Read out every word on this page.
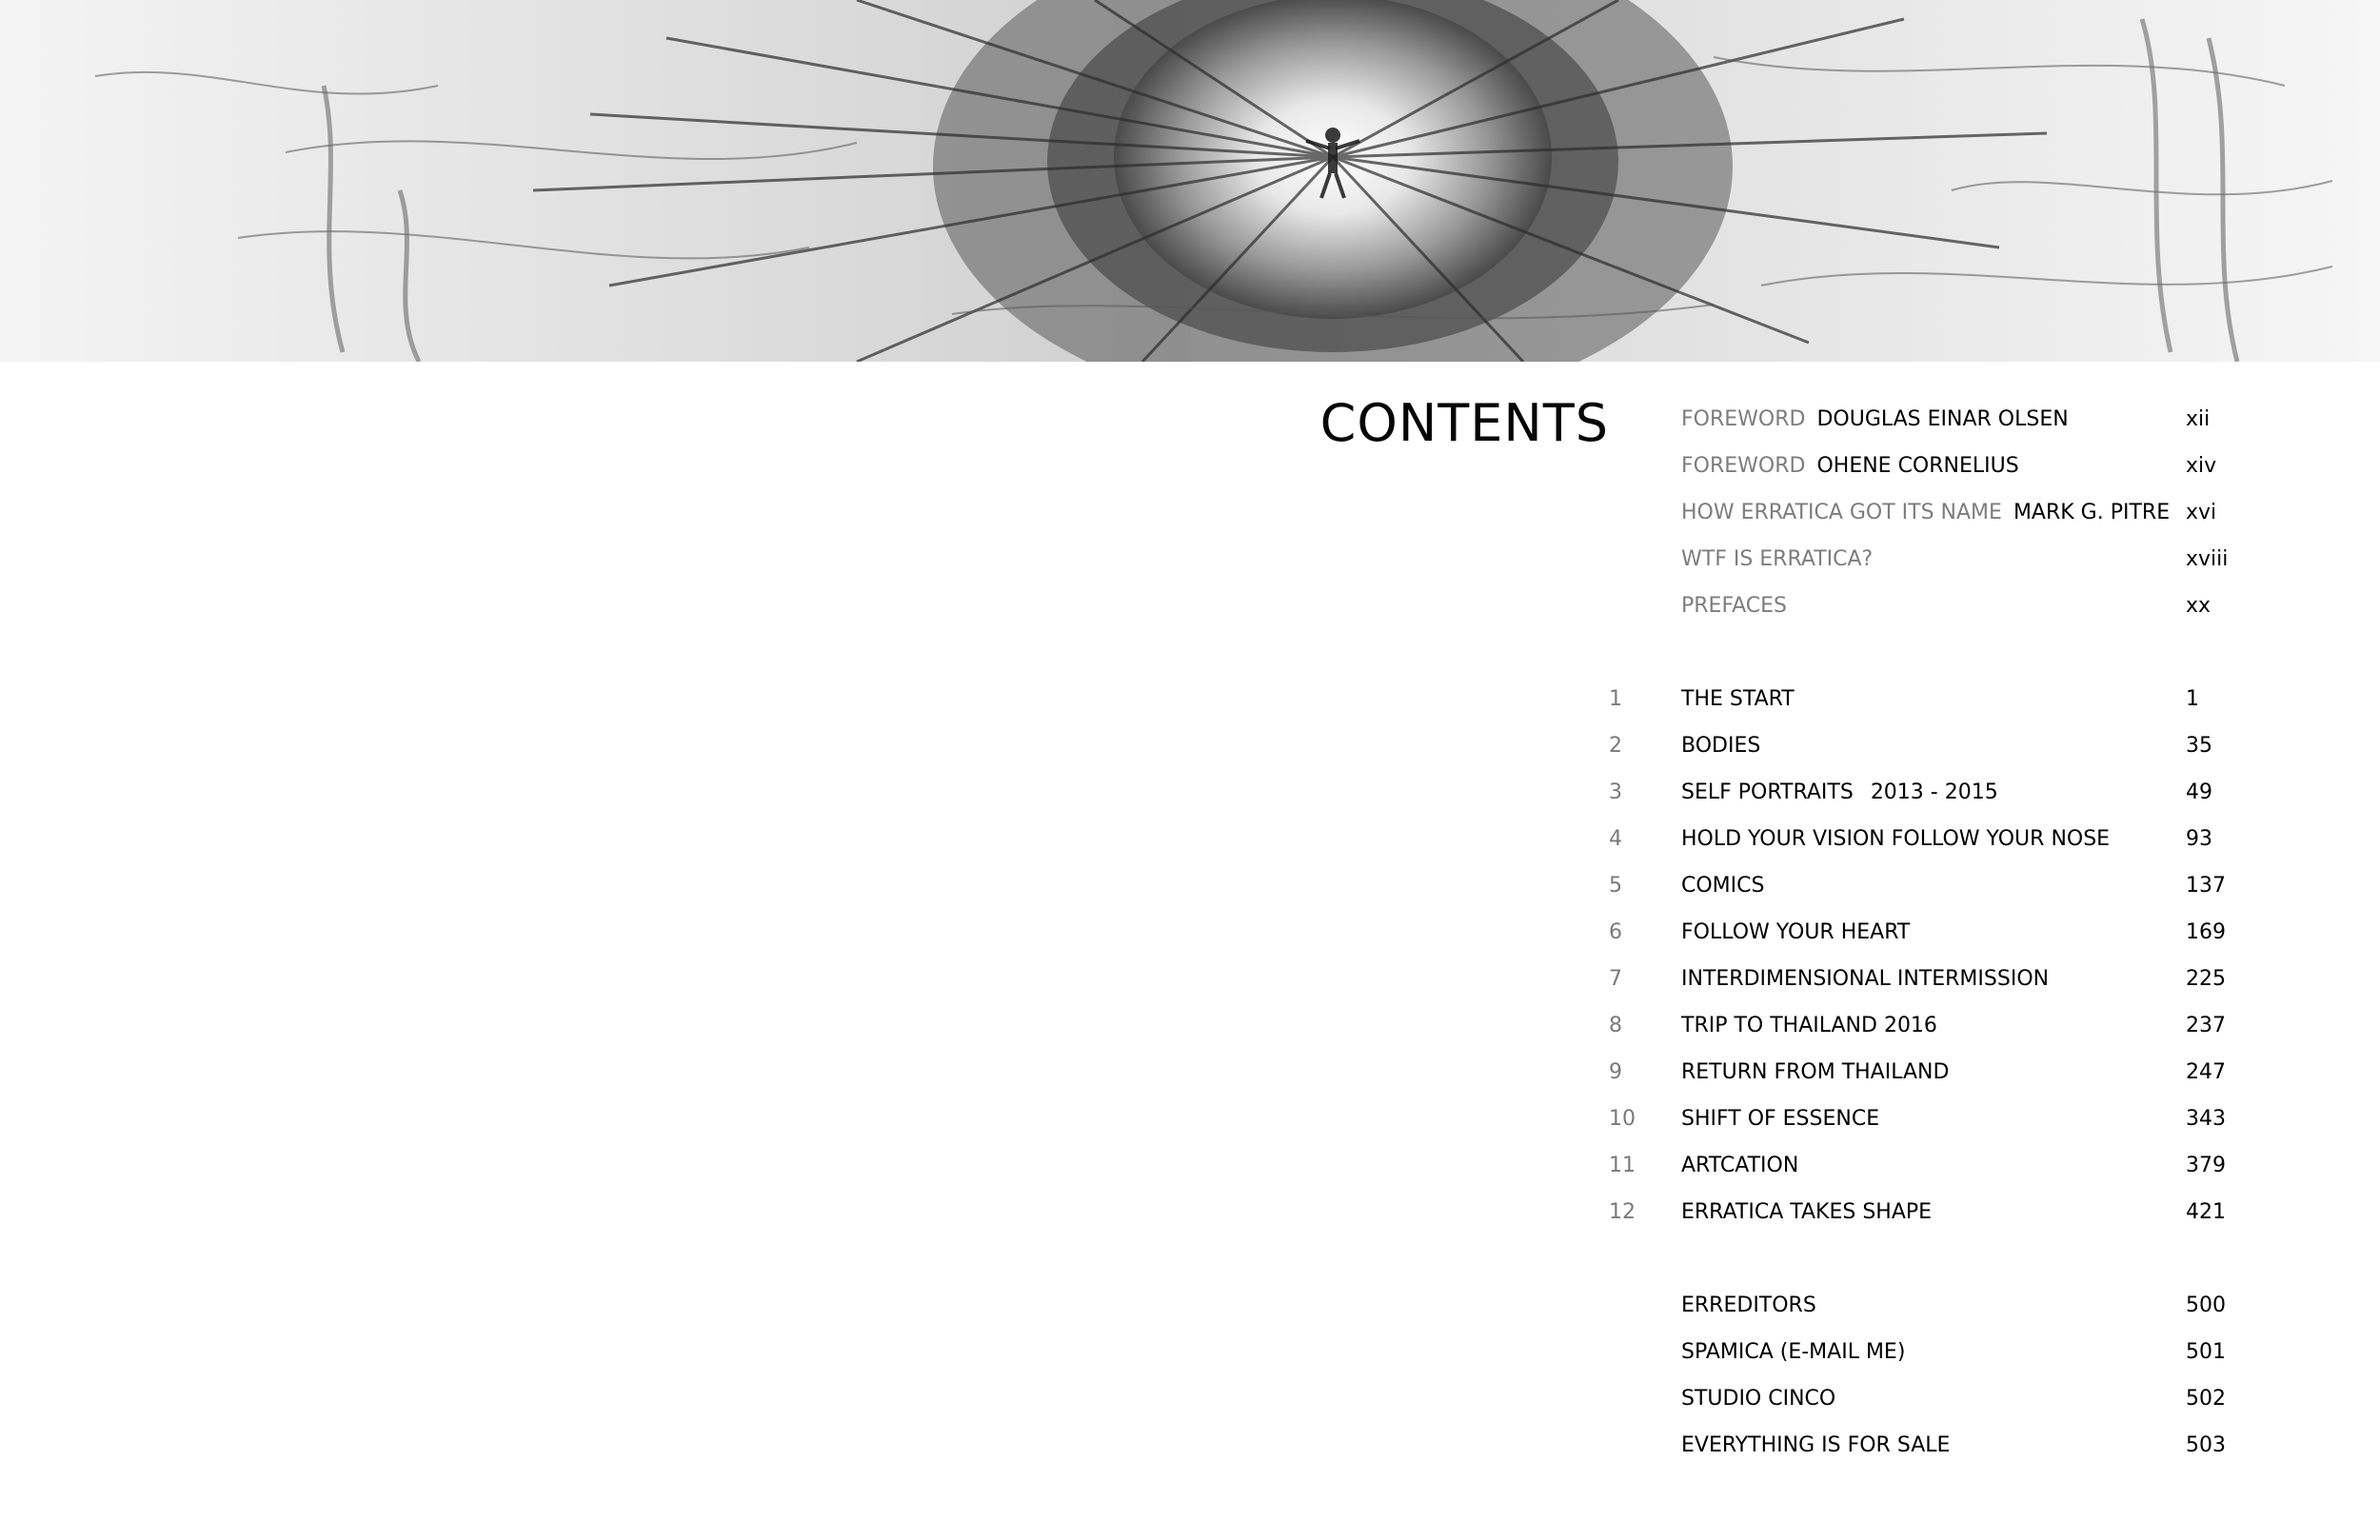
CONTENTS	FOREWORD DOUGLAS EINAR OLSEN	xii
FOREWORD OHENE CORNELIUS	xiv
HOW ERRATICA GOT ITS NAME MARK G. PITRE xvi
WTF IS ERRATICA?	xviii
PREFACES	xx
1	THE START	1
2	BODIES	35
3	SELF PORTRAITS 2013 - 2015	49
4	HOLD YOUR VISION FOLLOW YOUR NOSE	93
5	COMICS	137
6	FOLLOW YOUR HEART	169
7	INTERDIMENSIONAL INTERMISSION	225
8	TRIP TO THAILAND 2016	237
9	RETURN FROM THAILAND	247
10	SHIFT OF ESSENCE	343
11	ARTCATION	379
12	ERRATICA TAKES SHAPE	421
ERREDITORS	500
SPAMICA (E-MAIL ME)	501
STUDIO CINCO	502
EVERYTHING IS FOR SALE	503
